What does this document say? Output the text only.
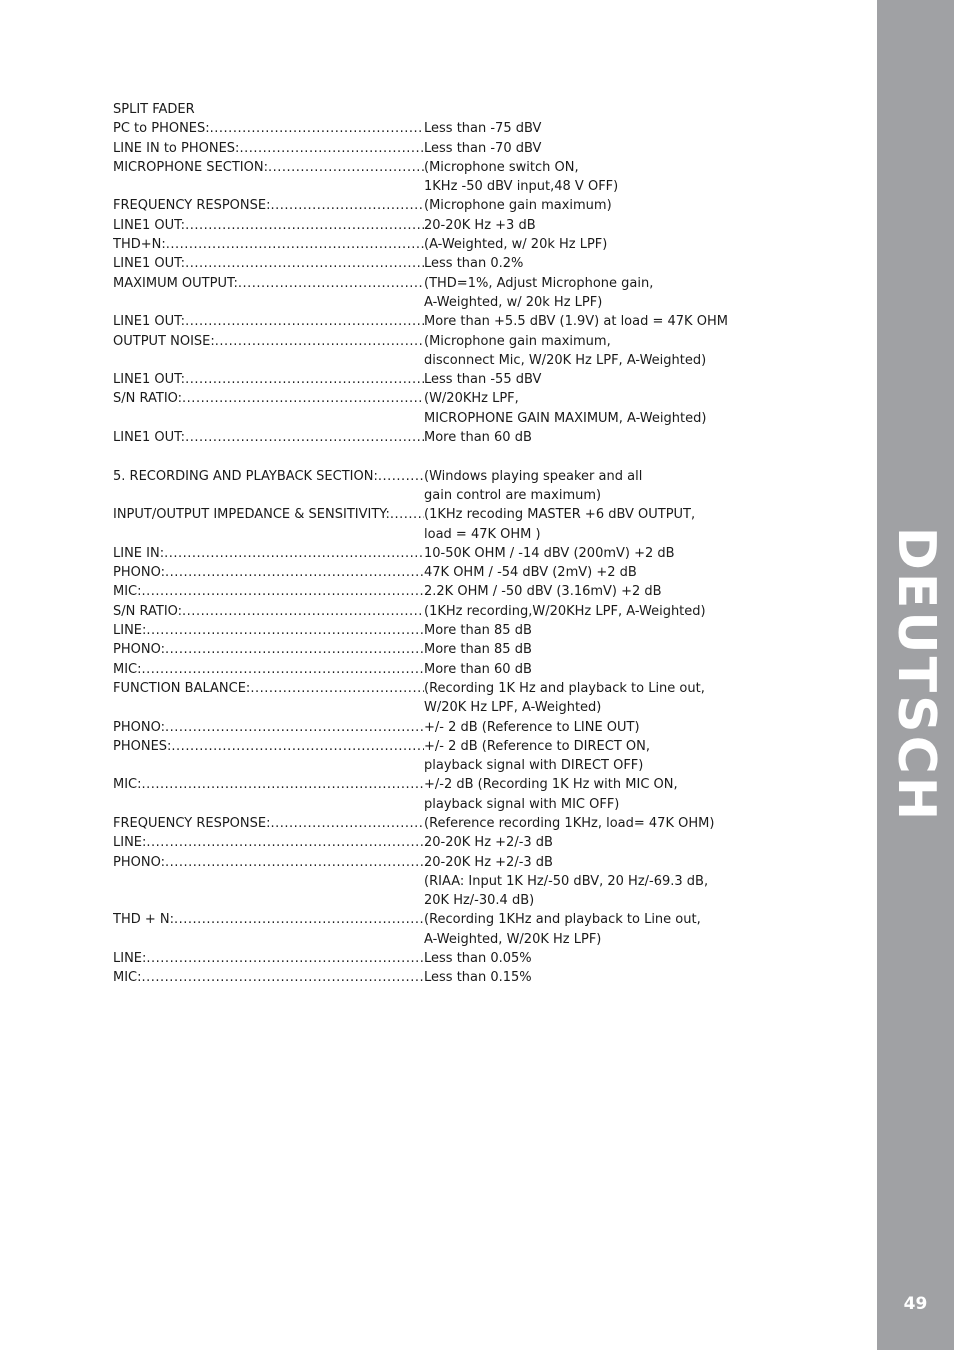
SPLIT FADER
PC to PHONES: .....	Less than -75 dBV
LINE IN to PHONES: .....	Less than -70 dBV
MICROPHONE SECTION: .....	(Microphone switch ON,
1KHz -50 dBV input,48 V OFF)
FREQUENCY RESPONSE: .....	(Microphone gain maximum)
LINE1 OUT: .....	20-20K Hz +3 dB
THD+N: .....	(A-Weighted, w/ 20k Hz LPF)
LINE1 OUT: .....	Less than 0.2%
MAXIMUM OUTPUT: .....	(THD=1%, Adjust Microphone gain,
A-Weighted, w/ 20k Hz LPF)
LINE1 OUT: .....	More than +5.5 dBV (1.9V) at load = 47K OHM
OUTPUT NOISE: .....	(Microphone gain maximum,
disconnect Mic, W/20K Hz LPF, A-Weighted)
LINE1 OUT: .....	Less than -55 dBV
S/N RATIO: .....	(W/20KHz LPF,
MICROPHONE GAIN MAXIMUM, A-Weighted)
LINE1 OUT: .....	More than 60 dB
5. RECORDING AND PLAYBACK SECTION: .....	(Windows playing speaker and all
gain control are maximum)
INPUT/OUTPUT IMPEDANCE & SENSITIVITY: .....	(1KHz recoding MASTER +6 dBV OUTPUT,
load = 47K OHM )
LINE IN: .....	10-50K OHM / -14 dBV (200mV) +2 dB
PHONO: .....	47K OHM / -54 dBV (2mV) +2 dB
MIC: .....	2.2K OHM / -50 dBV (3.16mV) +2 dB
S/N RATIO: .....	(1KHz recording,W/20KHz LPF, A-Weighted)
LINE: .....	More than 85 dB
PHONO: .....	More than 85 dB
MIC: .....	More than 60 dB
FUNCTION BALANCE: .....	(Recording 1K Hz and playback to Line out,
W/20K Hz LPF, A-Weighted)
PHONO: .....	+/- 2 dB (Reference to LINE OUT)
PHONES: .....	+/- 2 dB (Reference to DIRECT ON,
playback signal with DIRECT OFF)
MIC: .....	+/-2 dB (Recording 1K Hz with MIC ON,
playback signal with MIC OFF)
FREQUENCY RESPONSE: .....	(Reference recording 1KHz, load= 47K OHM)
LINE: .....	20-20K Hz +2/-3 dB
PHONO: .....	20-20K Hz +2/-3 dB
(RIAA: Input 1K Hz/-50 dBV, 20 Hz/-69.3 dB,
20K Hz/-30.4 dB)
THD + N: .....	(Recording 1KHz and playback to Line out,
A-Weighted, W/20K Hz LPF)
LINE: .....	Less than 0.05%
MIC: .....	Less than 0.15%
DEUTSCH
49
